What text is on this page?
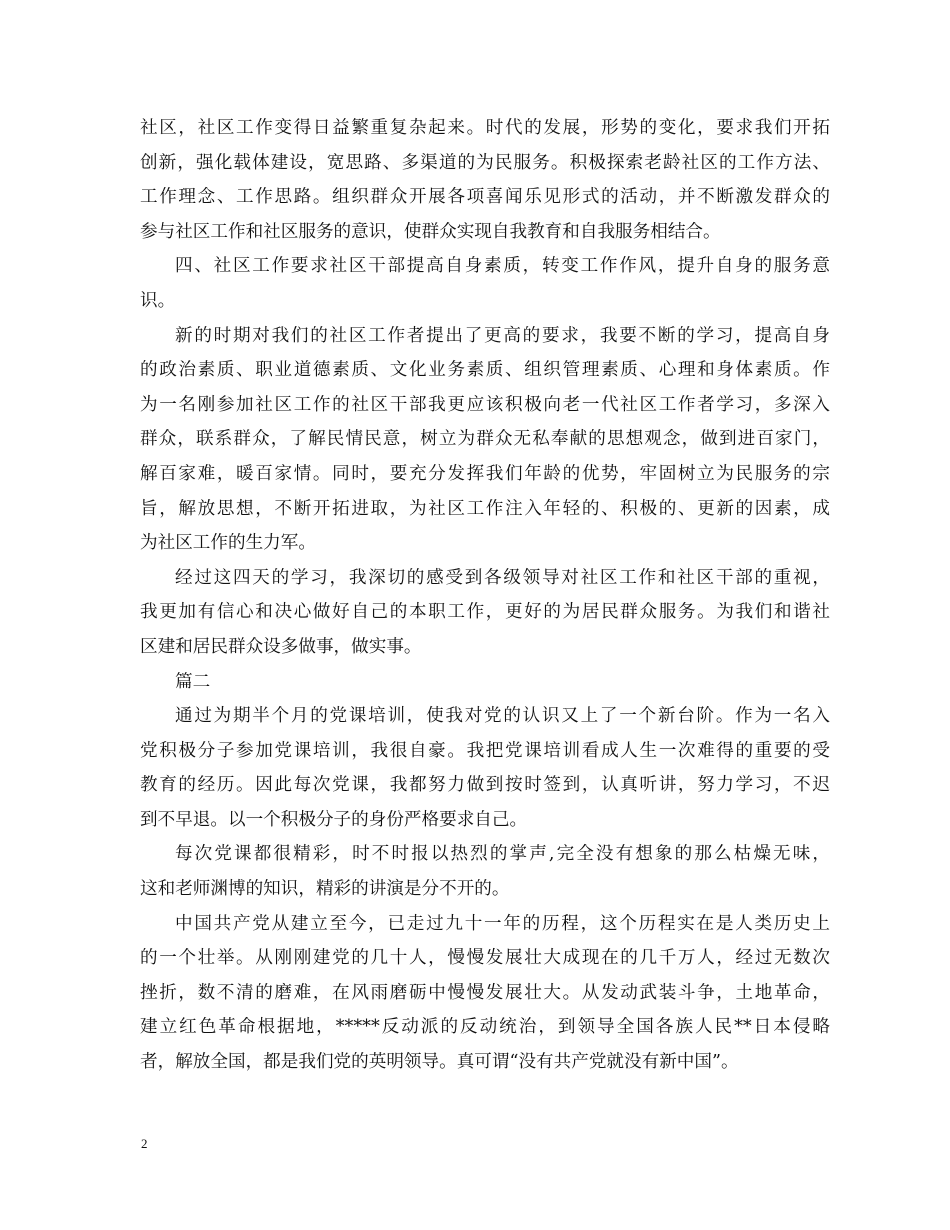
社区，社区工作变得日益繁重复杂起来。时代的发展，形势的变化，要求我们开拓
创新，强化载体建设，宽思路、多渠道的为民服务。积极探索老龄社区的工作方法、
工作理念、工作思路。组织群众开展各项喜闻乐见形式的活动，并不断激发群众的
参与社区工作和社区服务的意识，使群众实现自我教育和自我服务相结合。
四、社区工作要求社区干部提高自身素质，转变工作作风，提升自身的服务意
识。
新的时期对我们的社区工作者提出了更高的要求，我要不断的学习，提高自身
的政治素质、职业道德素质、文化业务素质、组织管理素质、心理和身体素质。作
为一名刚参加社区工作的社区干部我更应该积极向老一代社区工作者学习，多深入
群众，联系群众，了解民情民意，树立为群众无私奉献的思想观念，做到进百家门，
解百家难，暖百家情。同时，要充分发挥我们年龄的优势，牢固树立为民服务的宗
旨，解放思想，不断开拓进取，为社区工作注入年轻的、积极的、更新的因素，成
为社区工作的生力军。
经过这四天的学习，我深切的感受到各级领导对社区工作和社区干部的重视，
我更加有信心和决心做好自己的本职工作，更好的为居民群众服务。为我们和谐社
区建和居民群众设多做事，做实事。
篇二
通过为期半个月的党课培训，使我对党的认识又上了一个新台阶。作为一名入
党积极分子参加党课培训，我很自豪。我把党课培训看成人生一次难得的重要的受
教育的经历。因此每次党课，我都努力做到按时签到，认真听讲，努力学习，不迟
到不早退。以一个积极分子的身份严格要求自己。
每次党课都很精彩，时不时报以热烈的掌声,完全没有想象的那么枯燥无味，
这和老师渊博的知识，精彩的讲演是分不开的。
中国共产党从建立至今，已走过九十一年的历程，这个历程实在是人类历史上
的一个壮举。从刚刚建党的几十人，慢慢发展壮大成现在的几千万人，经过无数次
挫折，数不清的磨难，在风雨磨砺中慢慢发展壮大。从发动武装斗争，土地革命，
建立红色革命根据地，*****反动派的反动统治，到领导全国各族人民**日本侵略
者，解放全国，都是我们党的英明领导。真可谓“没有共产党就没有新中国”。
2
